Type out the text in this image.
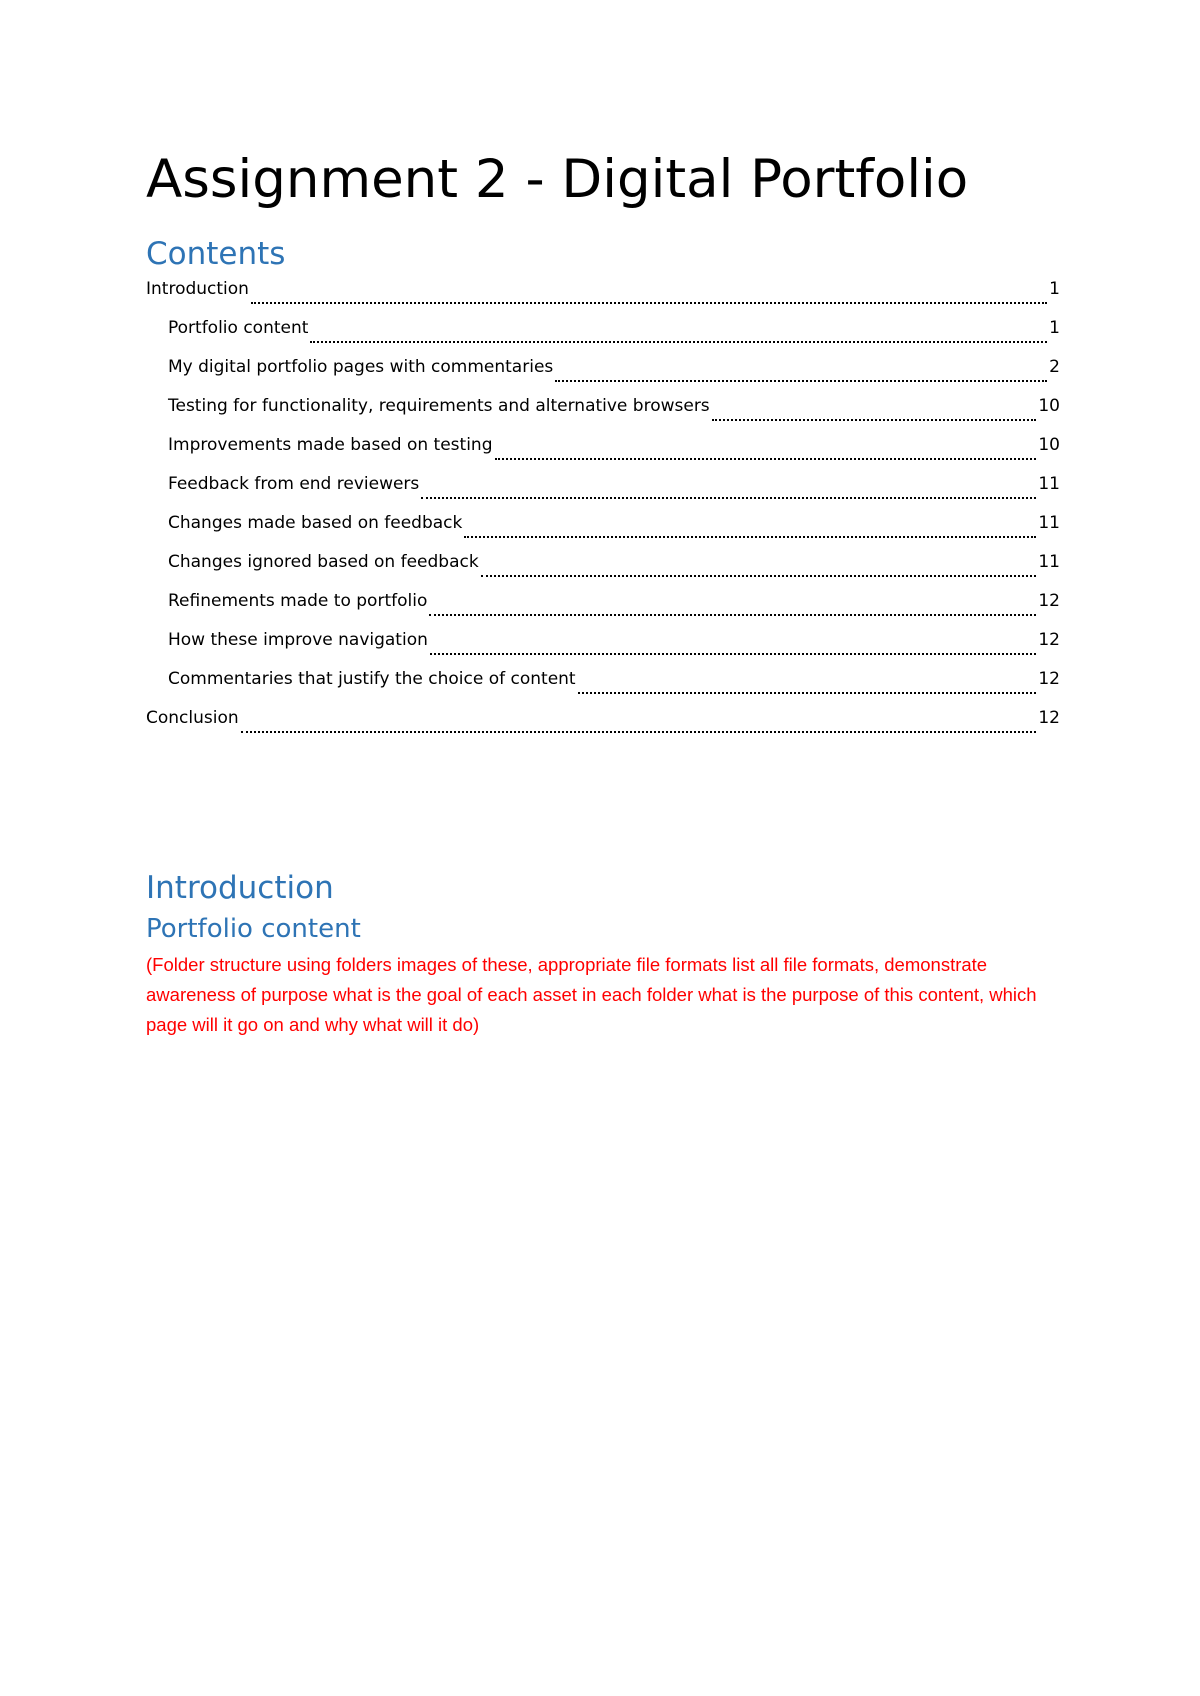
Assignment 2 - Digital Portfolio
Contents
Introduction	1
Portfolio content	1
My digital portfolio pages with commentaries	2
Testing for functionality, requirements and alternative browsers	10
Improvements made based on testing	10
Feedback from end reviewers	11
Changes made based on feedback	11
Changes ignored based on feedback	11
Refinements made to portfolio	12
How these improve navigation	12
Commentaries that justify the choice of content	12
Conclusion	12
Introduction
Portfolio content

(Folder structure using folders images of these, appropriate file formats list all file formats, demonstrate awareness of purpose what is the goal of each asset in each folder what is the purpose of this content, which page will it go on and why what will it do)
